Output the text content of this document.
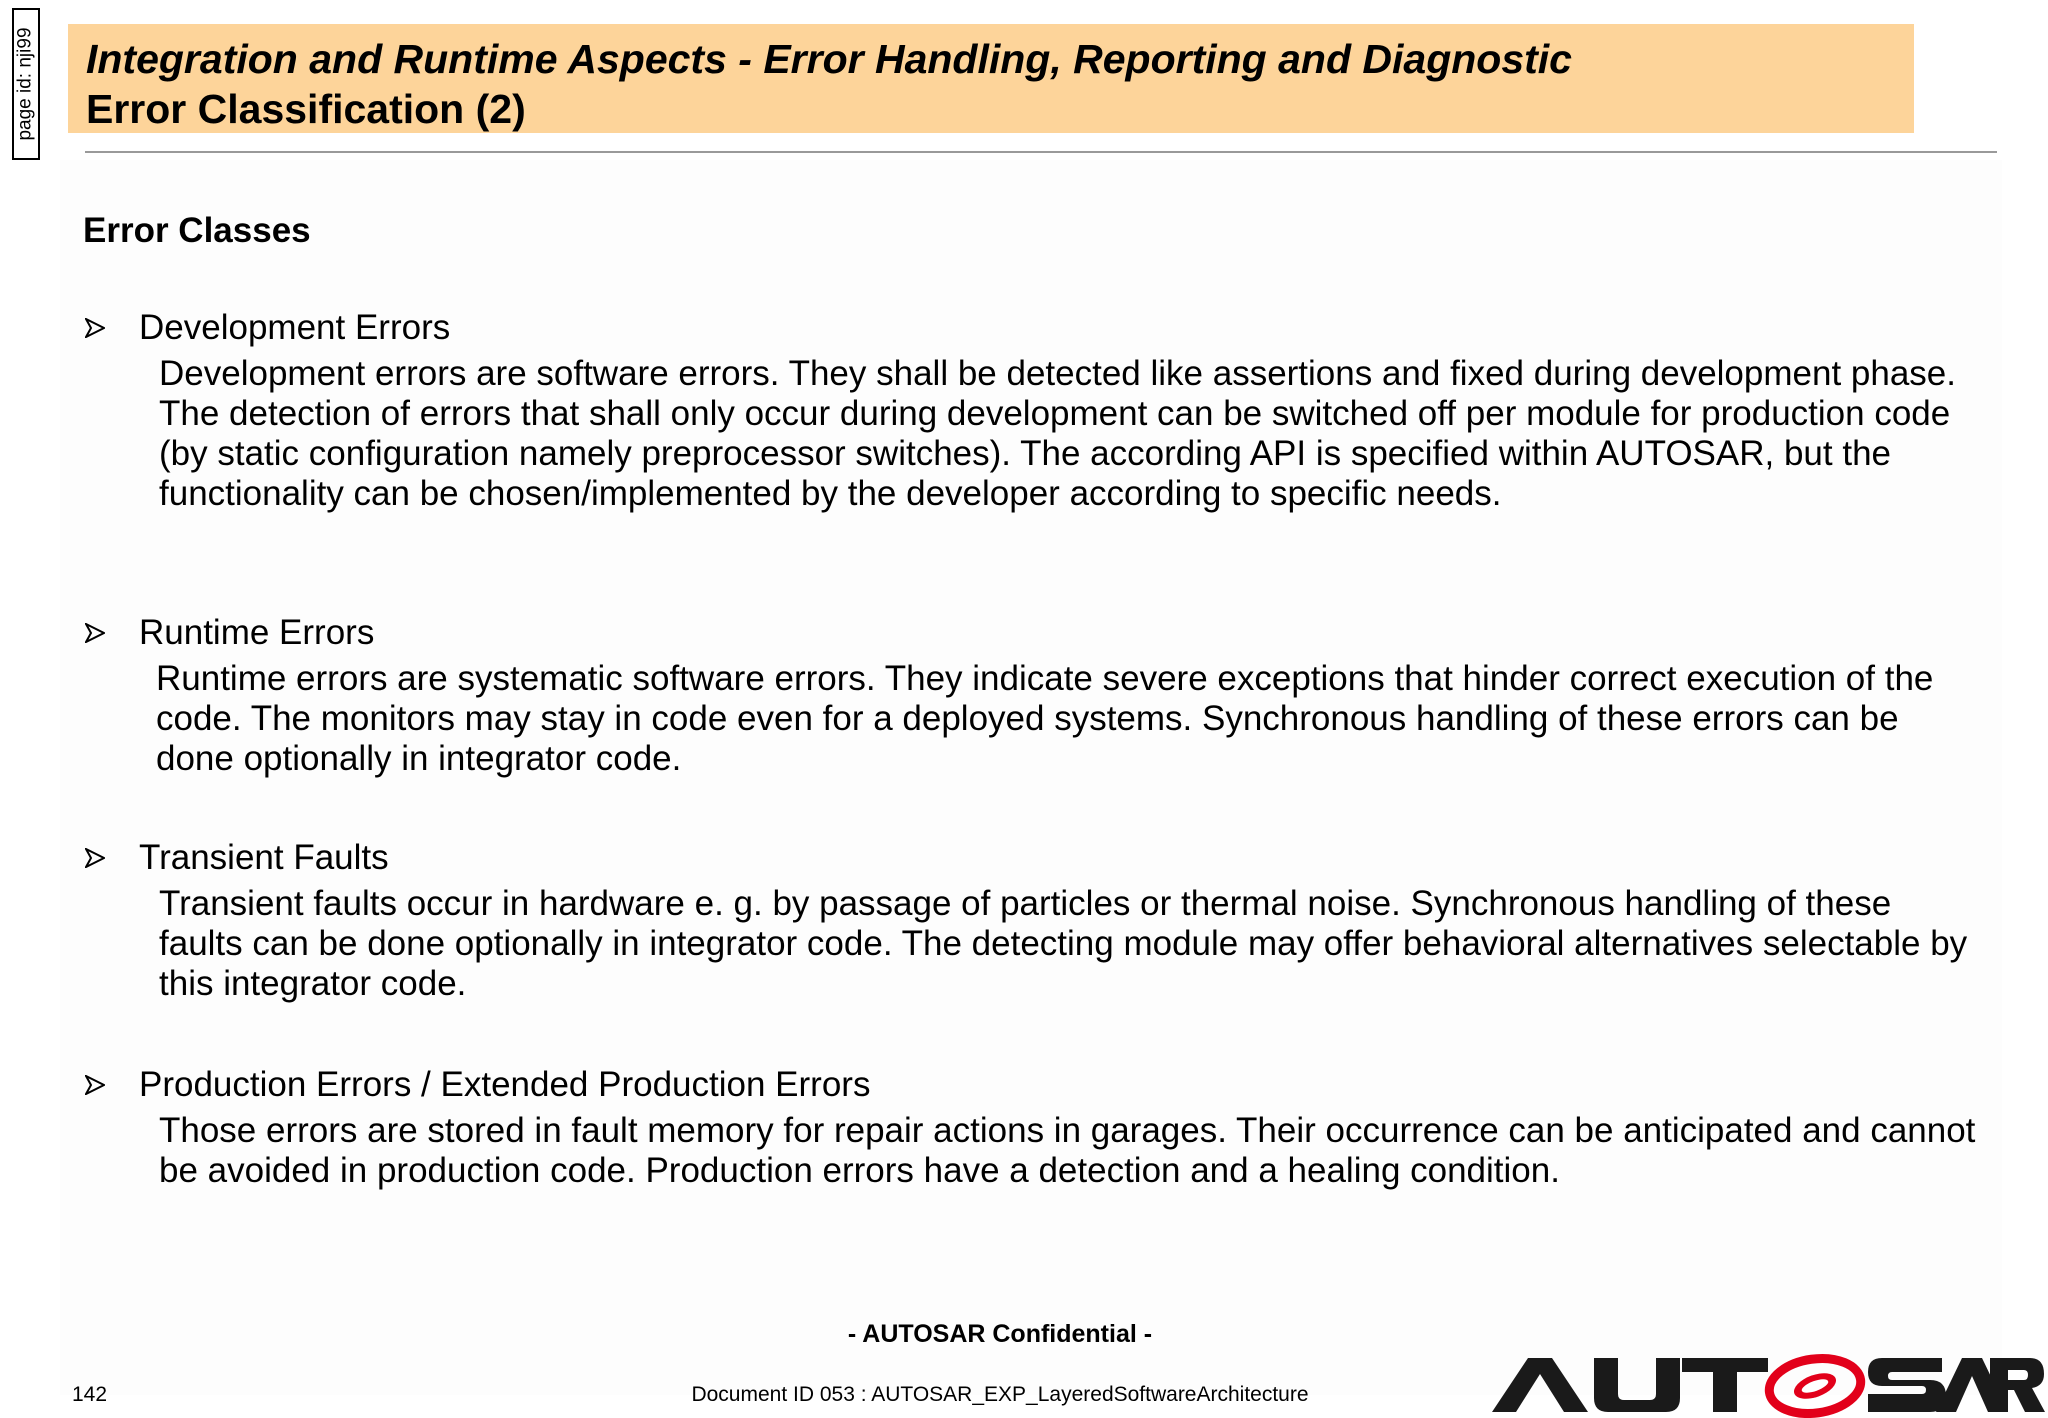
page id: nji99 Integration and Runtime Aspects - Error Handling, Reporting and Diagnostic
Error Classification (2)
Error Classes
Development Errors
Development errors are software errors. They shall be detected like assertions and fixed during development phase. The detection of errors that shall only occur during development can be switched off per module for production code (by static configuration namely preprocessor switches). The according API is specified within AUTOSAR, but the functionality can be chosen/implemented by the developer according to specific needs.
Runtime Errors
Runtime errors are systematic software errors. They indicate severe exceptions that hinder correct execution of the code. The monitors may stay in code even for a deployed systems. Synchronous handling of these errors can be done optionally in integrator code.
Transient Faults
Transient faults occur in hardware e. g. by passage of particles or thermal noise. Synchronous handling of these faults can be done optionally in integrator code. The detecting module may offer behavioral alternatives selectable by this integrator code.
Production Errors / Extended Production Errors
Those errors are stored in fault memory for repair actions in garages. Their occurrence can be anticipated and cannot be avoided in production code. Production errors have a detection and a healing condition.
- AUTOSAR Confidential -
142	Document ID 053 : AUTOSAR_EXP_LayeredSoftwareArchitecture
